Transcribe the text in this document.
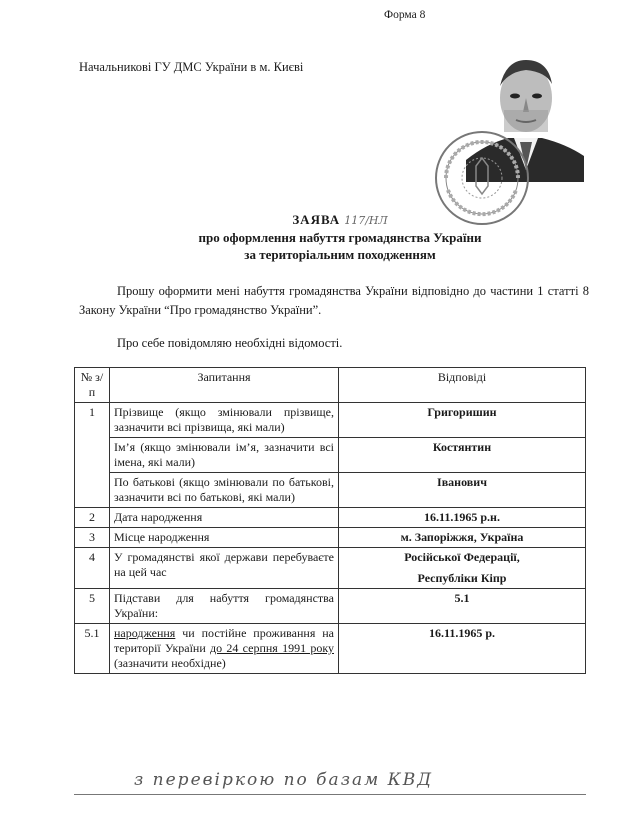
Форма 8
Начальникові ГУ ДМС України в м. Києві
ЗАЯВА 117/НЛ
про оформлення набуття громадянства України
за територіальним походженням
Прошу оформити мені набуття громадянства України відповідно до частини 1 статті 8 Закону України “Про громадянство України”.
Про себе повідомляю необхідні відомості.
№ з/п	Запитання	Відповіді
1	Прізвище (якщо змінювали прізвище, зазначити всі прізвища, які мали)	Григоришин
	Ім’я (якщо змінювали ім’я, зазначити всі імена, які мали)	Костянтин
	По батькові (якщо змінювали по батькові, зазначити всі по батькові, які мали)	Іванович
2	Дата народження	16.11.1965 р.н.
3	Місце народження	м. Запоріжжя, Україна
4	У громадянстві якої держави перебуваєте на цей час	Російської Федерації,
Республіки Кіпр

5	Підстави для набуття громадянства України:	5.1
5.1	народження чи постійне проживання на території України до 24 серпня 1991 року (зазначити необхідне)	16.11.1965 р.
з перевіркою по базам КВД
